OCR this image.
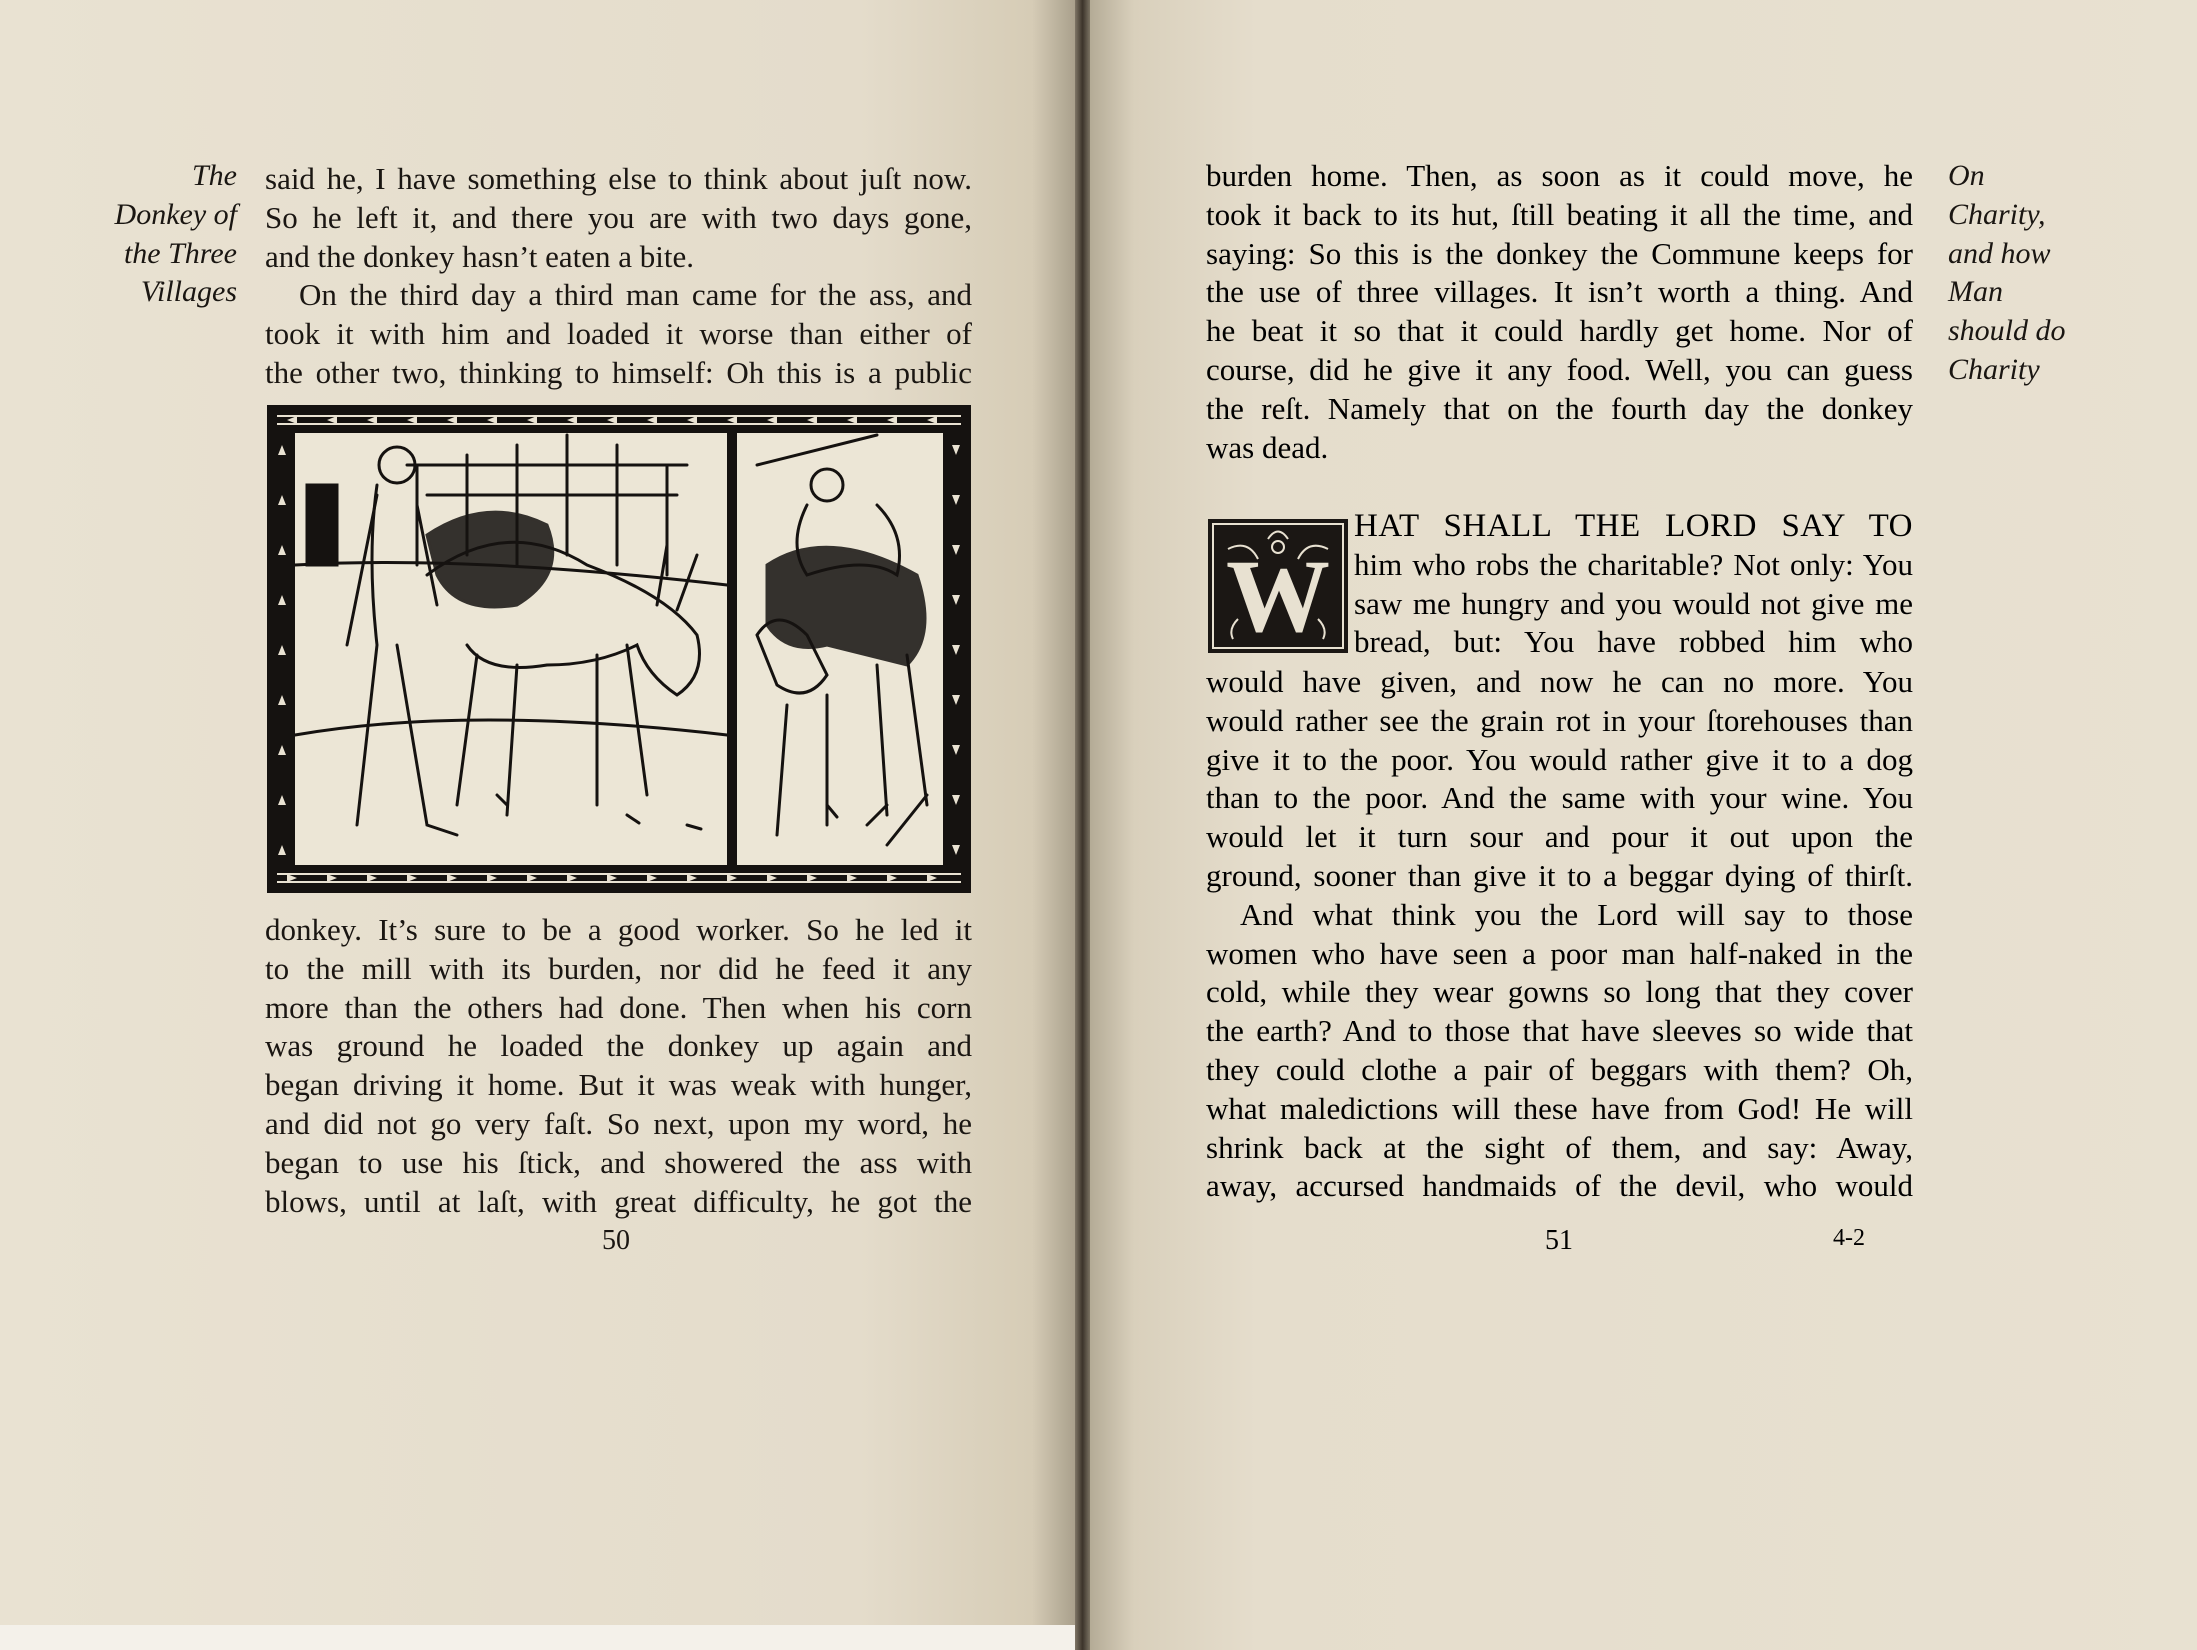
The
Donkey of
the Three
Villages
said he, I have something else to think about juſt now.
So he left it, and there you are with two days gone,
and the donkey hasn’t eaten a bite.
On the third day a third man came for the ass, and
took it with him and loaded it worse than either of
the other two, thinking to himself: Oh this is a public
donkey. It’s sure to be a good worker. So he led it
to the mill with its burden, nor did he feed it any
more than the others had done. Then when his corn
was ground he loaded the donkey up again and
began driving it home. But it was weak with hunger,
and did not go very faſt. So next, upon my word, he
began to use his ſtick, and showered the ass with
blows, until at laſt, with great difficulty, he got the
50
burden home. Then, as soon as it could move, he
took it back to its hut, ſtill beating it all the time, and
saying: So this is the donkey the Commune keeps for
the use of three villages. It isn’t worth a thing. And
he beat it so that it could hardly get home. Nor of
course, did he give it any food. Well, you can guess
the reſt. Namely that on the fourth day the donkey
was dead.
On
Charity,
and how
Man
should do
Charity
W
HAT SHALL THE LORD SAY TO
him who robs the charitable? Not only: You
saw me hungry and you would not give me
bread, but: You have robbed him who
would have given, and now he can no more. You
would rather see the grain rot in your ſtorehouses than
give it to the poor. You would rather give it to a dog
than to the poor. And the same with your wine. You
would let it turn sour and pour it out upon the
ground, sooner than give it to a beggar dying of thirſt.
And what think you the Lord will say to those
women who have seen a poor man half-naked in the
cold, while they wear gowns so long that they cover
the earth? And to those that have sleeves so wide that
they could clothe a pair of beggars with them? Oh,
what maledictions will these have from God! He will
shrink back at the sight of them, and say: Away,
away, accursed handmaids of the devil, who would
51	4-2
